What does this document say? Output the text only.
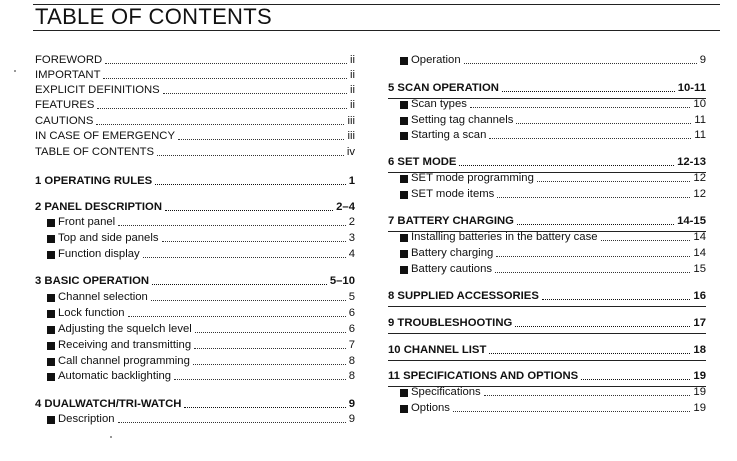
TABLE OF CONTENTS
FOREWORD	ii
IMPORTANT	ii
EXPLICIT DEFINITIONS	ii
FEATURES	ii
CAUTIONS	iii
IN CASE OF EMERGENCY	iii
TABLE OF CONTENTS	iv
1 OPERATING RULES	1
2 PANEL DESCRIPTION	2–4
Front panel	2
Top and side panels	3
Function display	4
3 BASIC OPERATION	5–10
Channel selection	5
Lock function	6
Adjusting the squelch level	6
Receiving and transmitting	7
Call channel programming	8
Automatic backlighting	8
4 DUALWATCH/TRI-WATCH	9
Description	9
Operation	9
5 SCAN OPERATION	10-11
Scan types	10
Setting tag channels	11
Starting a scan	11
6 SET MODE	12-13
SET mode programming	12
SET mode items	12
7 BATTERY CHARGING	14-15
Installing batteries in the battery case	14
Battery charging	14
Battery cautions	15
8 SUPPLIED ACCESSORIES	16
9 TROUBLESHOOTING	17
10 CHANNEL LIST	18
11 SPECIFICATIONS AND OPTIONS	19
Specifications	19
Options	19
